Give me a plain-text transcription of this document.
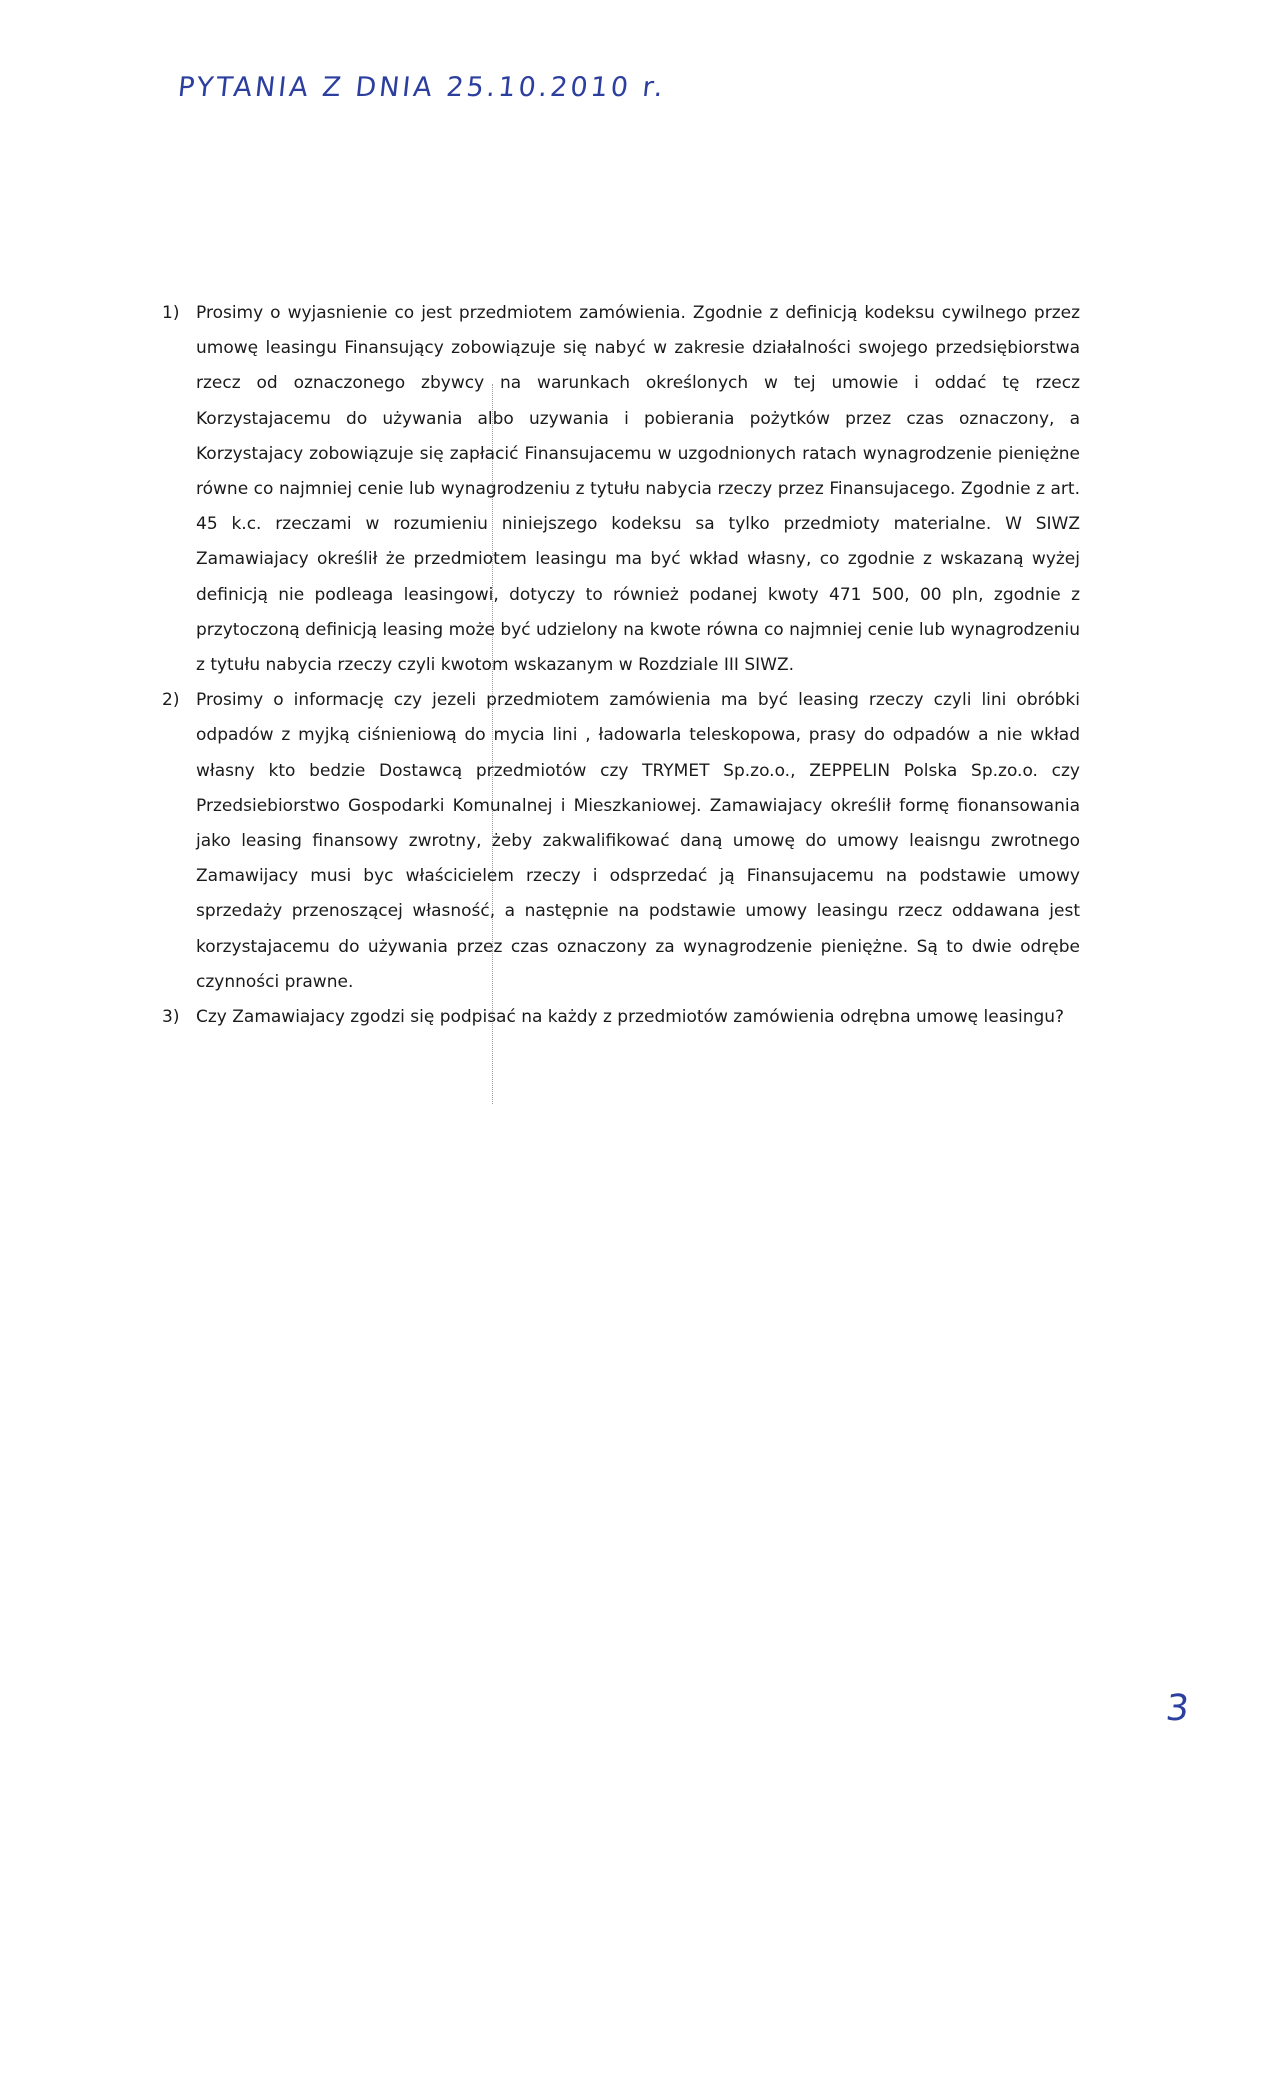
PYTANIA Z DNIA 25.10.2010 r.
1) Prosimy o wyjasnienie co jest przedmiotem zamówienia. Zgodnie z definicją kodeksu cywilnego przez umowę leasingu Finansujący zobowiązuje się nabyć w zakresie działalności swojego przedsiębiorstwa rzecz od oznaczonego zbywcy na warunkach określonych w tej umowie i oddać tę rzecz Korzystajacemu do używania albo uzywania i pobierania pożytków przez czas oznaczony, a Korzystajacy zobowiązuje się zapłacić Finansujacemu w uzgodnionych ratach wynagrodzenie pieniężne równe co najmniej cenie lub wynagrodzeniu z tytułu nabycia rzeczy przez Finansujacego. Zgodnie z art. 45 k.c. rzeczami w rozumieniu niniejszego kodeksu sa tylko przedmioty materialne. W SIWZ Zamawiajacy określił że przedmiotem leasingu ma być wkład własny, co zgodnie z wskazaną wyżej definicją nie podleaga leasingowi, dotyczy to również podanej kwoty 471 500, 00 pln, zgodnie z przytoczoną definicją leasing może być udzielony na kwote równa co najmniej cenie lub wynagrodzeniu z tytułu nabycia rzeczy czyli kwotom wskazanym w Rozdziale III SIWZ.

2) Prosimy o informację czy jezeli przedmiotem zamówienia ma być leasing rzeczy czyli lini obróbki odpadów z myjką ciśnieniową do mycia lini , ładowarla teleskopowa, prasy do odpadów a nie wkład własny kto bedzie Dostawcą przedmiotów czy TRYMET Sp.zo.o., ZEPPELIN Polska Sp.zo.o. czy Przedsiebiorstwo Gospodarki Komunalnej i Mieszkaniowej. Zamawiajacy określił formę fionansowania jako leasing finansowy zwrotny, żeby zakwalifikować daną umowę do umowy leaisngu zwrotnego Zamawijacy musi byc właścicielem rzeczy i odsprzedać ją Finansujacemu na podstawie umowy sprzedaży przenoszącej własność, a następnie na podstawie umowy leasingu rzecz oddawana jest korzystajacemu do używania przez czas oznaczony za wynagrodzenie pieniężne. Są to dwie odrębe czynności prawne.

3) Czy Zamawiajacy zgodzi się podpisać na każdy z przedmiotów zamówienia odrębna umowę leasingu?

3
